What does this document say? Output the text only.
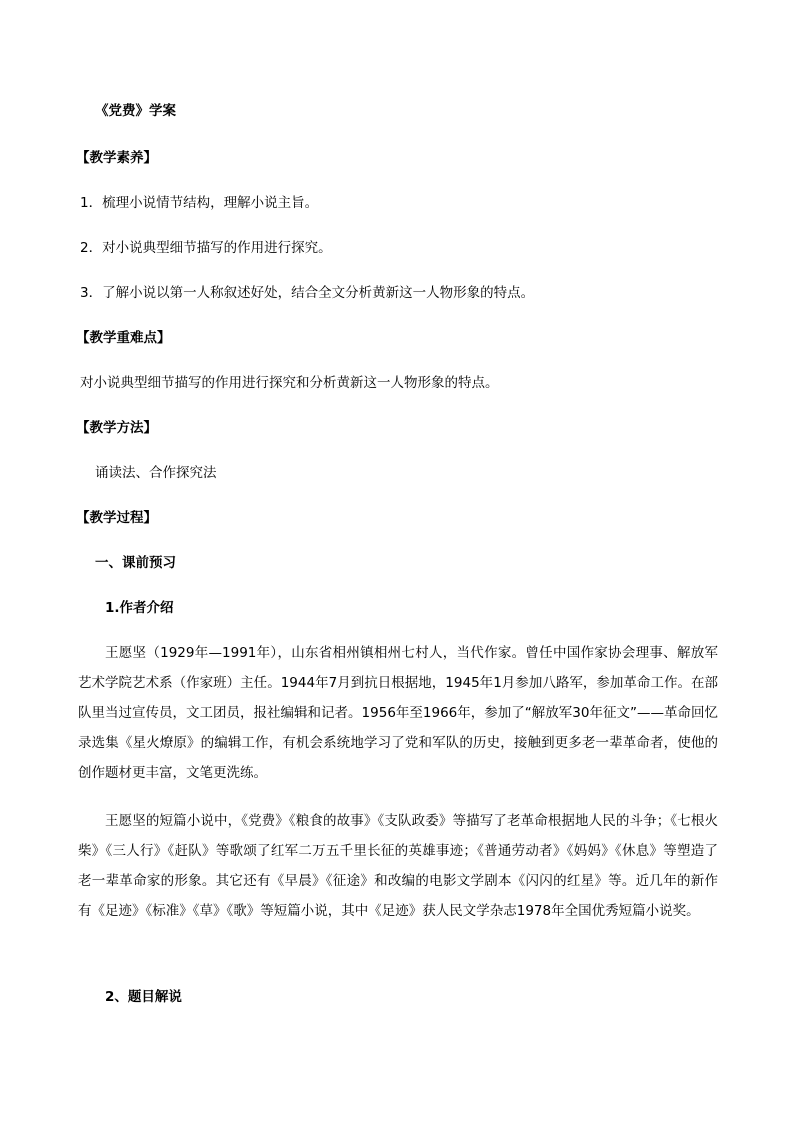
《党费》学案
【教学素养】
1．梳理小说情节结构，理解小说主旨。
2．对小说典型细节描写的作用进行探究。
3．了解小说以第一人称叙述好处，结合全文分析黄新这一人物形象的特点。
【教学重难点】
对小说典型细节描写的作用进行探究和分析黄新这一人物形象的特点。
【教学方法】
诵读法、合作探究法
【教学过程】
一、课前预习
1.作者介绍
王愿坚（1929年—1991年），山东省相州镇相州七村人，当代作家。曾任中国作家协会理事、解放军艺术学院艺术系（作家班）主任。1944年7月到抗日根据地，1945年1月参加八路军，参加革命工作。在部队里当过宣传员，文工团员，报社编辑和记者。1956年至1966年，参加了“解放军30年征文”——革命回忆录选集《星火燎原》的编辑工作，有机会系统地学习了党和军队的历史，接触到更多老一辈革命者，使他的创作题材更丰富，文笔更洗练。
王愿坚的短篇小说中，《党费》《粮食的故事》《支队政委》等描写了老革命根据地人民的斗争；《七根火柴》《三人行》《赶队》等歌颂了红军二万五千里长征的英雄事迹；《普通劳动者》《妈妈》《休息》等塑造了老一辈革命家的形象。其它还有《早晨》《征途》和改编的电影文学剧本《闪闪的红星》等。近几年的新作有《足迹》《标准》《草》《歌》等短篇小说，其中《足迹》获人民文学杂志1978年全国优秀短篇小说奖。
2、题目解说
